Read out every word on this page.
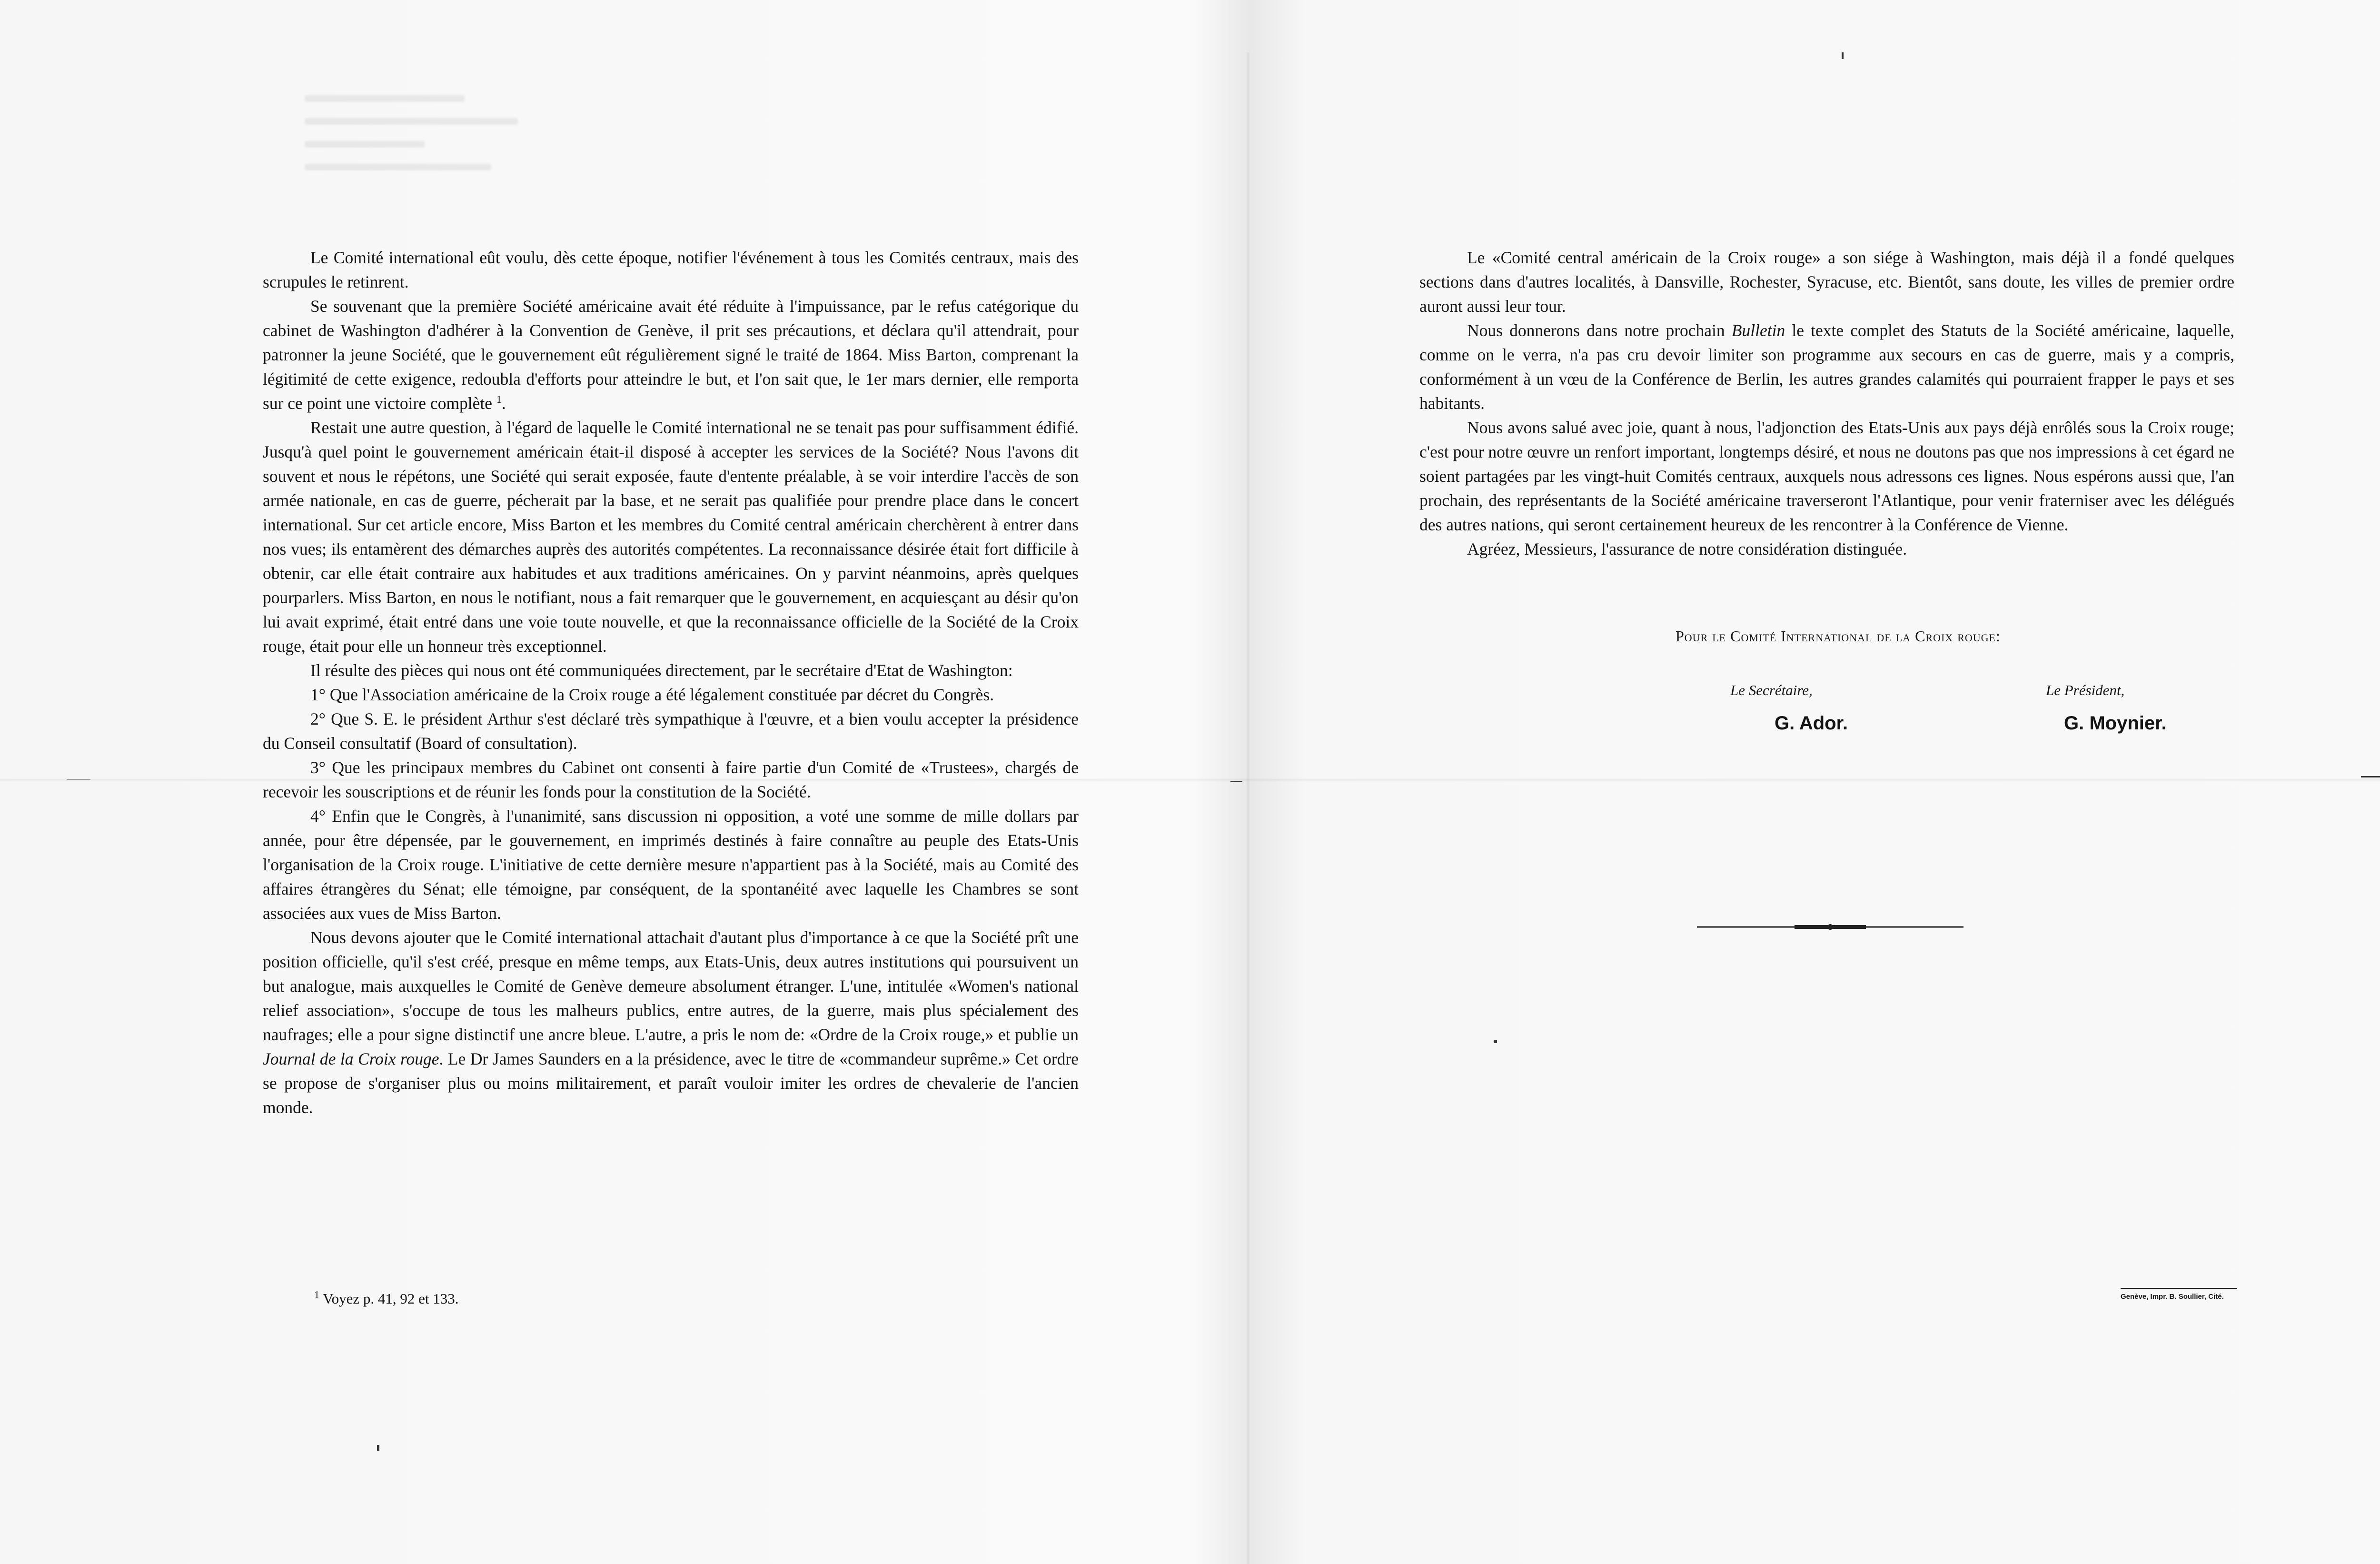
Le Comité international eût voulu, dès cette époque, notifier l'événement à tous les Comités centraux, mais des scrupules le retinrent.

Se souvenant que la première Société américaine avait été réduite à l'impuissance, par le refus catégorique du cabinet de Washington d'adhérer à la Convention de Genève, il prit ses précautions, et déclara qu'il attendrait, pour patronner la jeune Société, que le gouvernement eût régulièrement signé le traité de 1864. Miss Barton, comprenant la légitimité de cette exigence, redoubla d'efforts pour atteindre le but, et l'on sait que, le 1er mars dernier, elle remporta sur ce point une victoire complète $^1$.

Restait une autre question, à l'égard de laquelle le Comité international ne se tenait pas pour suffisamment édifié. Jusqu'à quel point le gouvernement américain était-il disposé à accepter les services de la Société? Nous l'avons dit souvent et nous le répétons, une Société qui serait exposée, faute d'entente préalable, à se voir interdire l'accès de son armée nationale, en cas de guerre, pécherait par la base, et ne serait pas qualifiée pour prendre place dans le concert international. Sur cet article encore, Miss Barton et les membres du Comité central américain cherchèrent à entrer dans nos vues; ils entamèrent des démarches auprès des autorités compétentes. La reconnaissance désirée était fort difficile à obtenir, car elle était contraire aux habitudes et aux traditions américaines. On y parvint néanmoins, après quelques pourparlers. Miss Barton, en nous le notifiant, nous a fait remarquer que le gouvernement, en acquiesçant au désir qu'on lui avait exprimé, était entré dans une voie toute nouvelle, et que la reconnaissance officielle de la Société de la Croix rouge, était pour elle un honneur très exceptionnel.

Il résulte des pièces qui nous ont été communiquées directement, par le secrétaire d'Etat de Washington:

1° Que l'Association américaine de la Croix rouge a été légalement constituée par décret du Congrès.

2° Que S. E. le président Arthur s'est déclaré très sympathique à l'œuvre, et a bien voulu accepter la présidence du Conseil consultatif (Board of consultation).

3° Que les principaux membres du Cabinet ont consenti à faire partie d'un Comité de «Trustees», chargés de recevoir les souscriptions et de réunir les fonds pour la constitution de la Société.

4° Enfin que le Congrès, à l'unanimité, sans discussion ni opposition, a voté une somme de mille dollars par année, pour être dépensée, par le gouvernement, en imprimés destinés à faire connaître au peuple des Etats-Unis l'organisation de la Croix rouge. L'initiative de cette dernière mesure n'appartient pas à la Société, mais au Comité des affaires étrangères du Sénat; elle témoigne, par conséquent, de la spontanéité avec laquelle les Chambres se sont associées aux vues de Miss Barton.

Nous devons ajouter que le Comité international attachait d'autant plus d'importance à ce que la Société prît une position officielle, qu'il s'est créé, presque en même temps, aux Etats-Unis, deux autres institutions qui poursuivent un but analogue, mais auxquelles le Comité de Genève demeure absolument étranger. L'une, intitulée «Women's national relief association», s'occupe de tous les malheurs publics, entre autres, de la guerre, mais plus spécialement des naufrages; elle a pour signe distinctif une ancre bleue. L'autre, a pris le nom de: «Ordre de la Croix rouge,» et publie un Journal de la Croix rouge. Le Dr James Saunders en a la présidence, avec le titre de «commandeur suprême.» Cet ordre se propose de s'organiser plus ou moins militairement, et paraît vouloir imiter les ordres de chevalerie de l'ancien monde.

$^1$ Voyez p. 41, 92 et 133.

Le «Comité central américain de la Croix rouge» a son siége à Washington, mais déjà il a fondé quelques sections dans d'autres localités, à Dansville, Rochester, Syracuse, etc. Bientôt, sans doute, les villes de premier ordre auront aussi leur tour.

Nous donnerons dans notre prochain Bulletin le texte complet des Statuts de la Société américaine, laquelle, comme on le verra, n'a pas cru devoir limiter son programme aux secours en cas de guerre, mais y a compris, conformément à un vœu de la Conférence de Berlin, les autres grandes calamités qui pourraient frapper le pays et ses habitants.

Nous avons salué avec joie, quant à nous, l'adjonction des Etats-Unis aux pays déjà enrôlés sous la Croix rouge; c'est pour notre œuvre un renfort important, longtemps désiré, et nous ne doutons pas que nos impressions à cet égard ne soient partagées par les vingt-huit Comités centraux, auxquels nous adressons ces lignes. Nous espérons aussi que, l'an prochain, des représentants de la Société américaine traverseront l'Atlantique, pour venir fraterniser avec les délégués des autres nations, qui seront certainement heureux de les rencontrer à la Conférence de Vienne.

Agréez, Messieurs, l'assurance de notre considération distinguée.

Pour le Comité International de la Croix rouge:
Le Secrétaire,	Le Président,
G. Ador.	G. Moynier.
Genève, Impr. B. Soullier, Cité.
